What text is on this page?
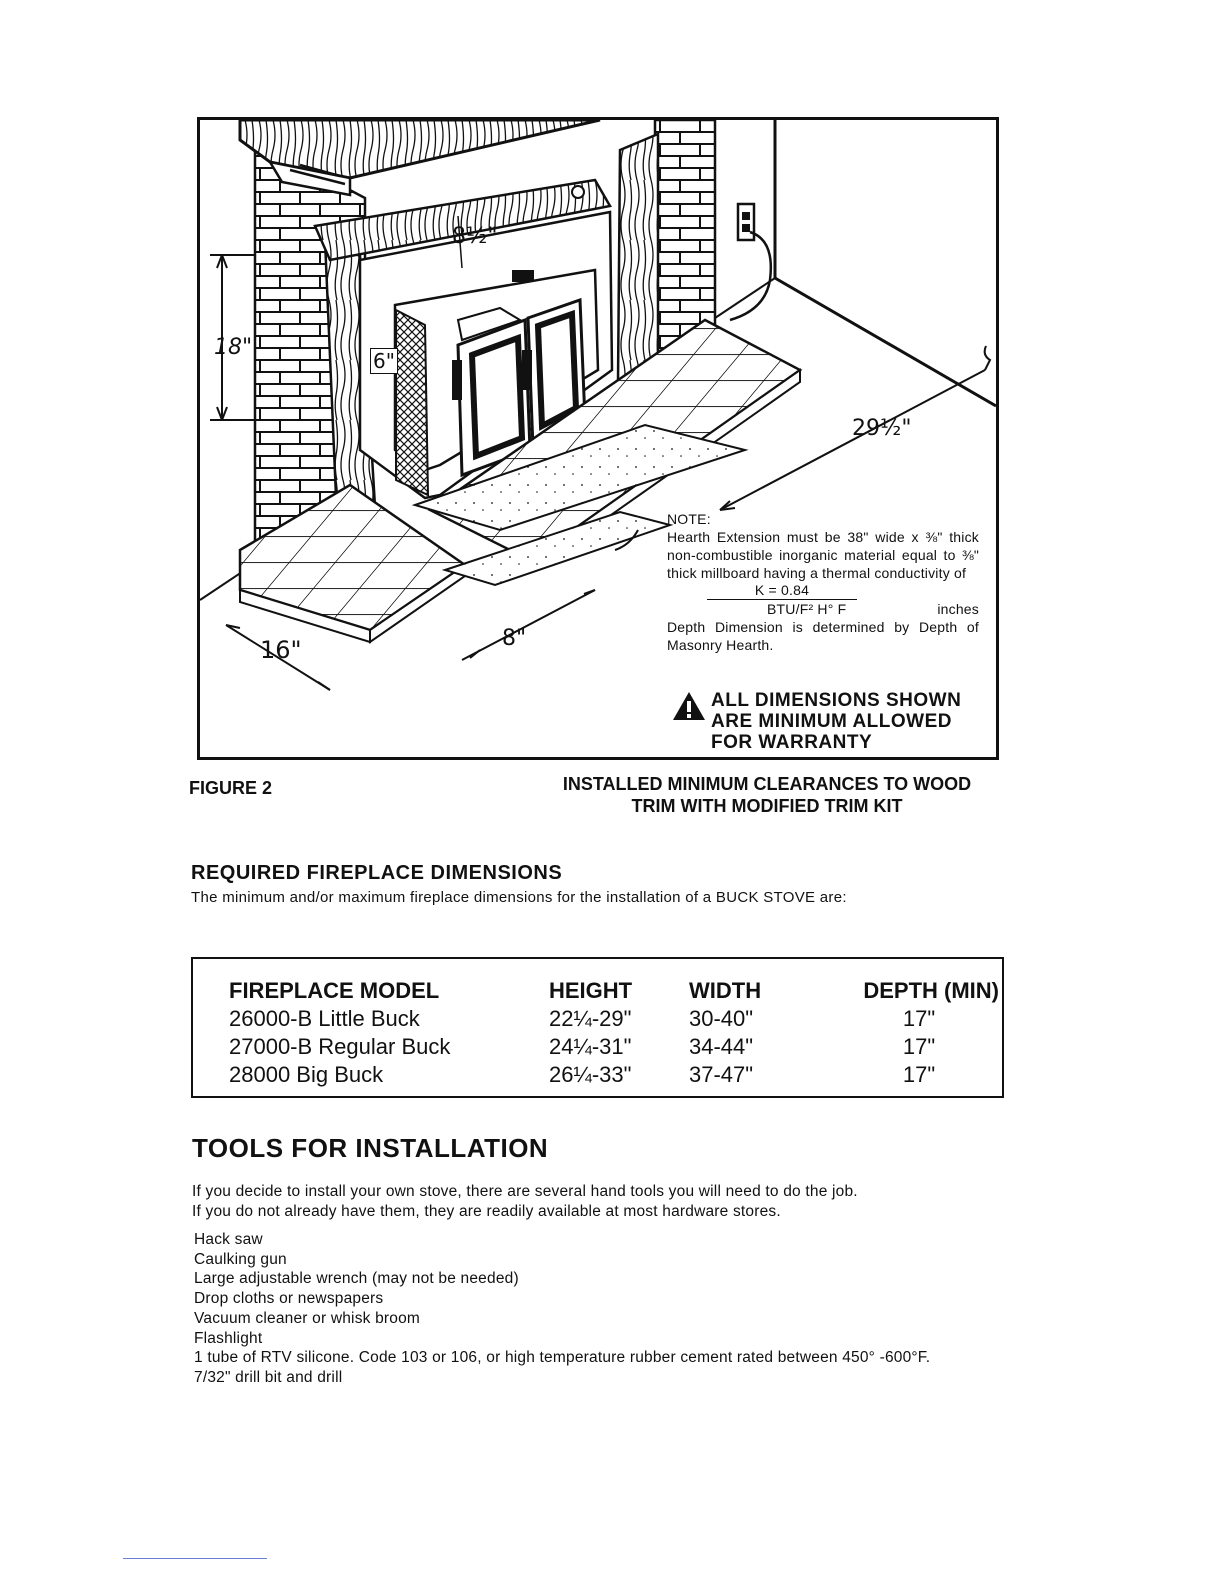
18"
6"
8½"
29½"
16"	8"
NOTE:
Hearth Extension must be 38" wide x ⅜" thick non-combustible inorganic material equal to ⅜" thick millboard having a thermal conductivity of
K = 0.84
BTU/F² H° F	inches
Depth Dimension is determined by Depth of Masonry Hearth.
ALL DIMENSIONS SHOWN
ARE MINIMUM ALLOWED
FOR WARRANTY
FIGURE 2	INSTALLED MINIMUM CLEARANCES TO WOOD
TRIM WITH MODIFIED TRIM KIT
REQUIRED FIREPLACE DIMENSIONS
The minimum and/or maximum fireplace dimensions for the installation of a BUCK STOVE are:
FIREPLACE MODEL	HEIGHT	WIDTH	DEPTH (MIN)
26000-B Little Buck	22¼-29"	30-40"	17"
27000-B Regular Buck	24¼-31"	34-44"	17"
28000 Big Buck	26¼-33"	37-47"	17"
TOOLS FOR INSTALLATION
If you decide to install your own stove, there are several hand tools you will need to do the job.
If you do not already have them, they are readily available at most hardware stores.
Hack saw
Caulking gun
Large adjustable wrench (may not be needed)
Drop cloths or newspapers
Vacuum cleaner or whisk broom
Flashlight
1 tube of RTV silicone. Code 103 or 106, or high temperature rubber cement rated between 450° -600°F.
7/32" drill bit and drill
